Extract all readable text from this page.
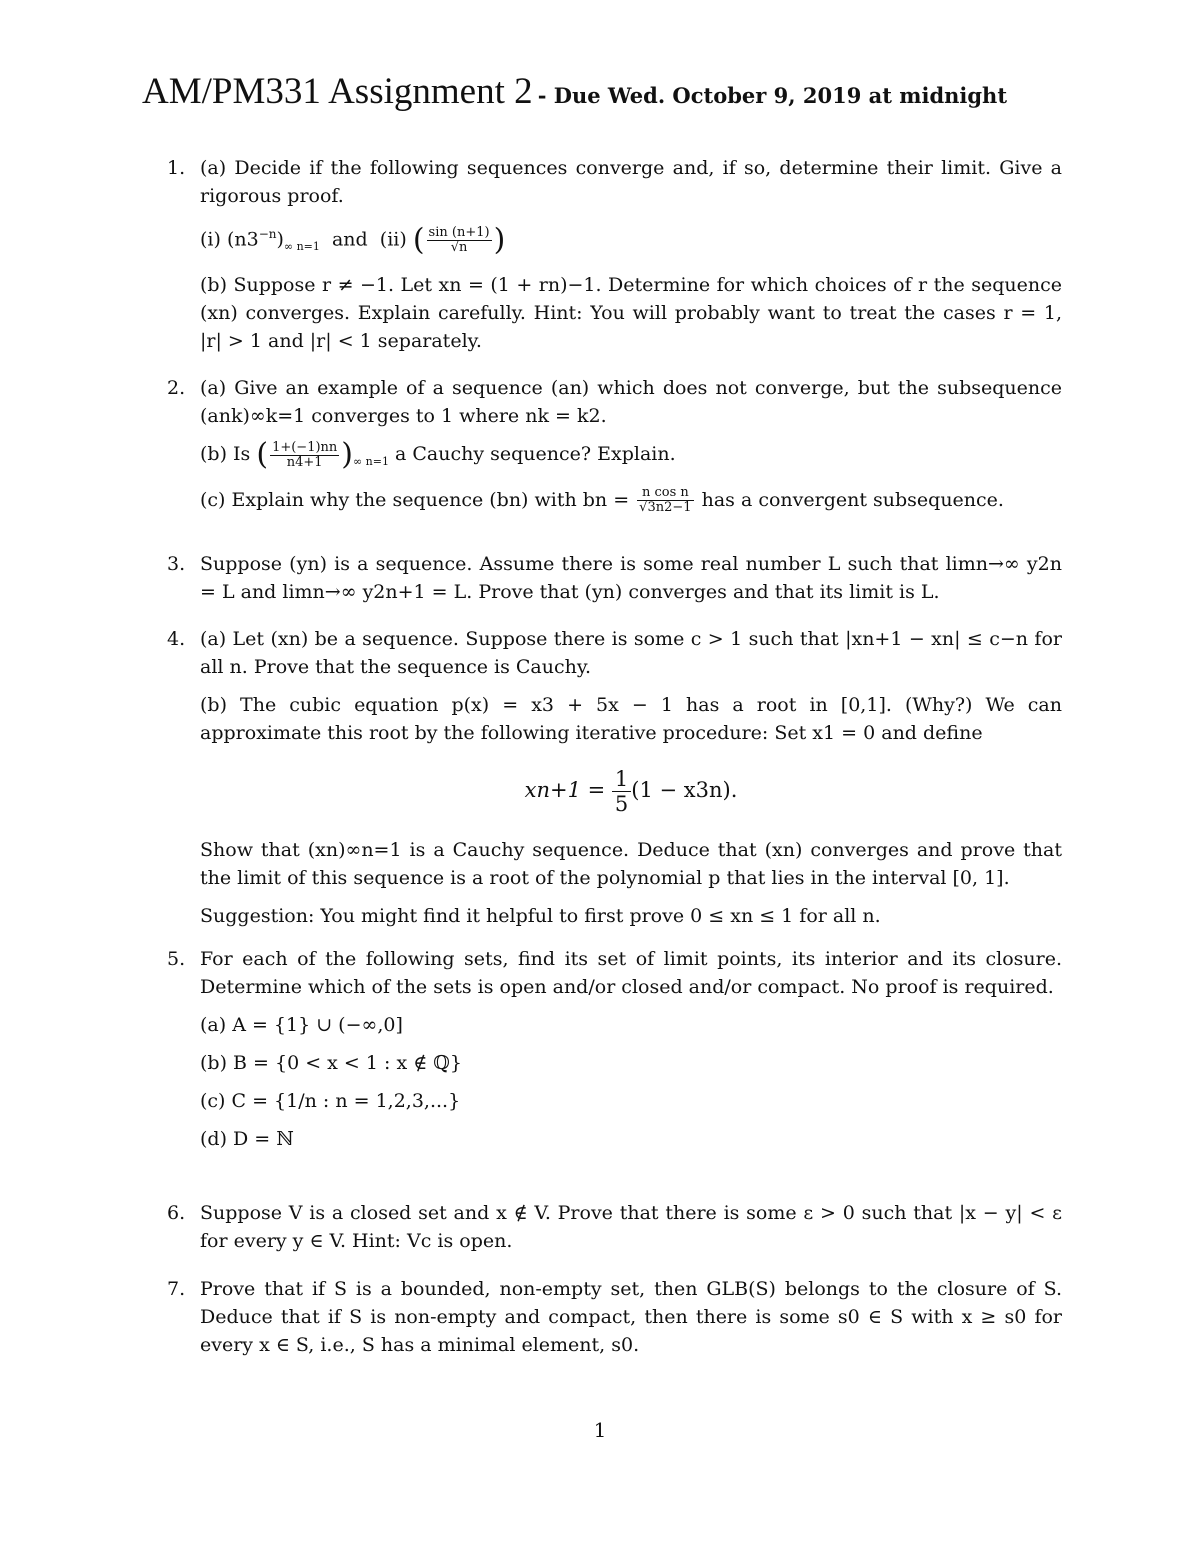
AM/PM331 Assignment 2 - Due Wed. October 9, 2019 at midnight
1. (a) Decide if the following sequences converge and, if so, determine their limit. Give a rigorous proof.

(i) $(n3^{-n})_{\infty n=1}$ and (ii) ( $\frac{\sin (n+1)}{√n}$ )

(b) Suppose r ≠ −1. Let xn = (1 + rn)−1. Determine for which choices of r the sequence (xn) converges. Explain carefully. Hint: You will probably want to treat the cases r = 1, |r| > 1 and |r| < 1 separately.

2. (a) Give an example of a sequence (an) which does not converge, but the subsequence (ank)∞k=1 converges to 1 where nk = k2.

(b) Is ( $\frac{1+(-1)nn}{n4+1} )_{\infty n=1}$ a Cauchy sequence? Explain.

(c) Explain why the sequence (bn) with bn = $\frac{\text{n cos n}}{√3n2-1}$ has a convergent subsequence.

3. Suppose (yn) is a sequence. Assume there is some real number L such that limn→∞ y2n = L and limn→∞ y2n+1 = L. Prove that (yn) converges and that its limit is L.

4. (a) Let (xn) be a sequence. Suppose there is some c > 1 such that |xn+1 − xn| ≤ c−n for all n. Prove that the sequence is Cauchy.

(b) The cubic equation p(x) = x3 + 5x − 1 has a root in [0,1]. (Why?) We can approximate this root by the following iterative procedure: Set x1 = 0 and define

$xn+1 = \frac{1}{5} (1 - x3n)$.

Show that (xn)∞n=1 is a Cauchy sequence. Deduce that (xn) converges and prove that the limit of this sequence is a root of the polynomial p that lies in the interval [0, 1].

Suggestion: You might find it helpful to first prove 0 ≤ xn ≤ 1 for all n.

5. For each of the following sets, find its set of limit points, its interior and its closure. Determine which of the sets is open and/or closed and/or compact. No proof is required.

(a) A = {1} ∪ (−∞,0]

(b) B = {0 < x < 1 : x ∉ ℚ}

(c) C = {1/n : n = 1,2,3,...}

(d) D = ℕ

6. Suppose V is a closed set and x ∉ V. Prove that there is some ε > 0 such that |x − y| < ε for every y ∈ V. Hint: Vc is open.

7. Prove that if S is a bounded, non-empty set, then GLB(S) belongs to the closure of S. Deduce that if S is non-empty and compact, then there is some s0 ∈ S with x ≥ s0 for every x ∈ S, i.e., S has a minimal element, s0.

1
